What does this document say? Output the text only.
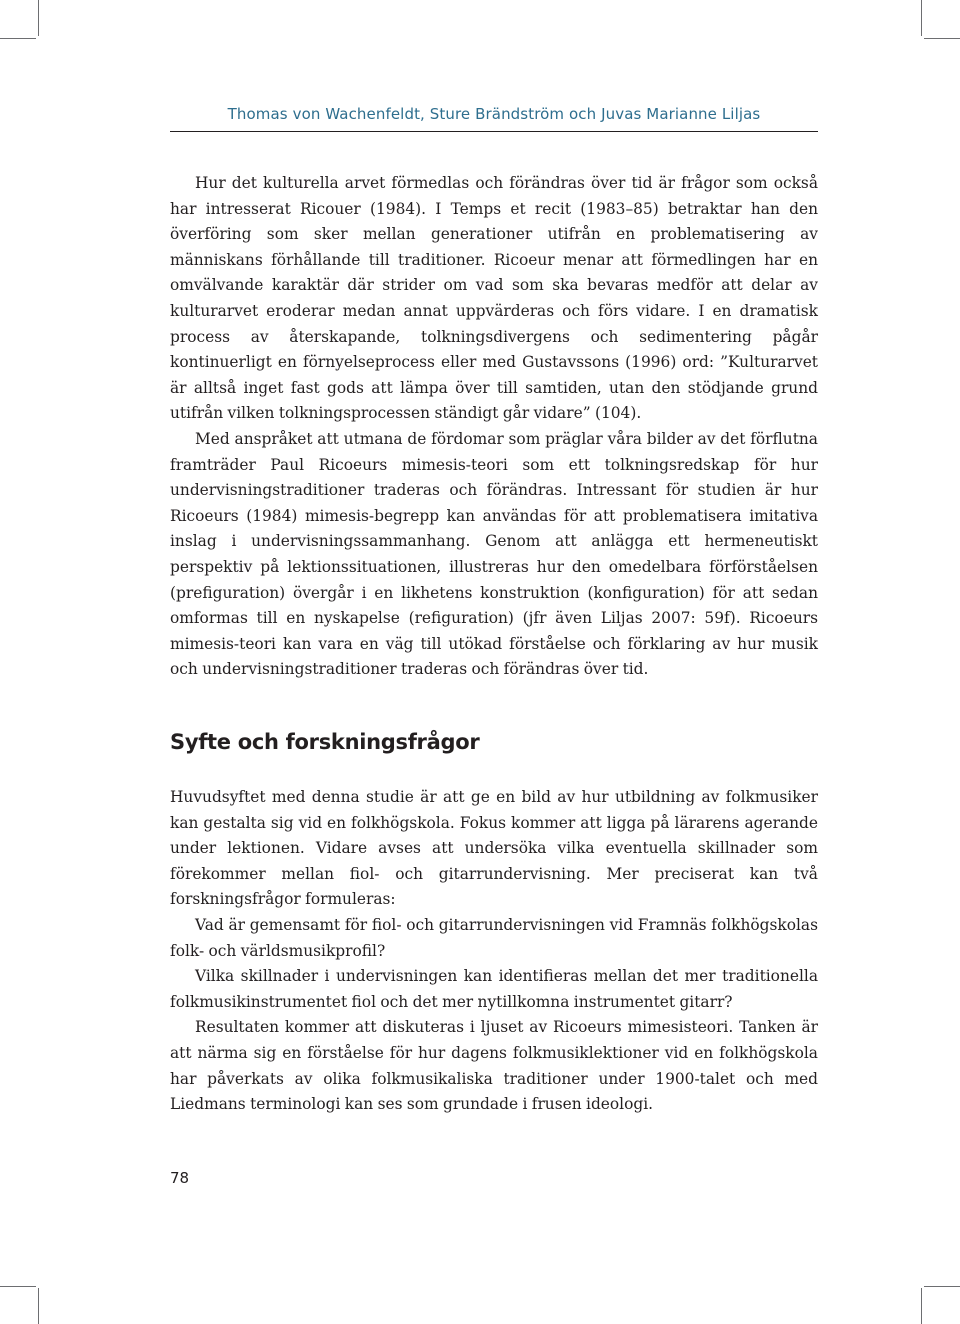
Thomas von Wachenfeldt, Sture Brändström och Juvas Marianne Liljas

Hur det kulturella arvet förmedlas och förändras över tid är frågor som också har intresserat Ricouer (1984). I Temps et recit (1983–85) betraktar han den överföring som sker mellan generationer utifrån en problematisering av människans förhållande till traditioner. Ricoeur menar att förmedlingen har en omvälvande karaktär där strider om vad som ska bevaras medför att delar av kulturarvet eroderar medan annat uppvärderas och förs vidare. I en dramatisk process av återskapande, tolkningsdivergens och sedimentering pågår kontinuerligt en förnyelseprocess eller med Gustavssons (1996) ord: ”Kulturarvet är alltså inget fast gods att lämpa över till samtiden, utan den stödjande grund utifrån vilken tolkningsprocessen ständigt går vidare” (104).

Med anspråket att utmana de fördomar som präglar våra bilder av det förflutna framträder Paul Ricoeurs mimesis-teori som ett tolkningsredskap för hur undervisningstraditioner traderas och förändras. Intressant för studien är hur Ricoeurs (1984) mimesis-begrepp kan användas för att problematisera imitativa inslag i undervisningssammanhang. Genom att anlägga ett hermeneutiskt perspektiv på lektionssituationen, illustreras hur den omedelbara förförståelsen (prefiguration) övergår i en likhetens konstruktion (konfiguration) för att sedan omformas till en nyskapelse (refiguration) (jfr även Liljas 2007: 59f). Ricoeurs mimesis-teori kan vara en väg till utökad förståelse och förklaring av hur musik och undervisningstraditioner traderas och förändras över tid.

Syfte och forskningsfrågor

Huvudsyftet med denna studie är att ge en bild av hur utbildning av folkmusiker kan gestalta sig vid en folkhögskola. Fokus kommer att ligga på lärarens agerande under lektionen. Vidare avses att undersöka vilka eventuella skillnader som förekommer mellan fiol- och gitarrundervisning. Mer preciserat kan två forskningsfrågor formuleras:

Vad är gemensamt för fiol- och gitarrundervisningen vid Framnäs folkhögskolas folk- och världsmusikprofil?

Vilka skillnader i undervisningen kan identifieras mellan det mer traditionella folkmusikinstrumentet fiol och det mer nytillkomna instrumentet gitarr?

Resultaten kommer att diskuteras i ljuset av Ricoeurs mimesisteori. Tanken är att närma sig en förståelse för hur dagens folkmusiklektioner vid en folkhögskola har påverkats av olika folkmusikaliska traditioner under 1900-talet och med Liedmans terminologi kan ses som grundade i frusen ideologi.

78
